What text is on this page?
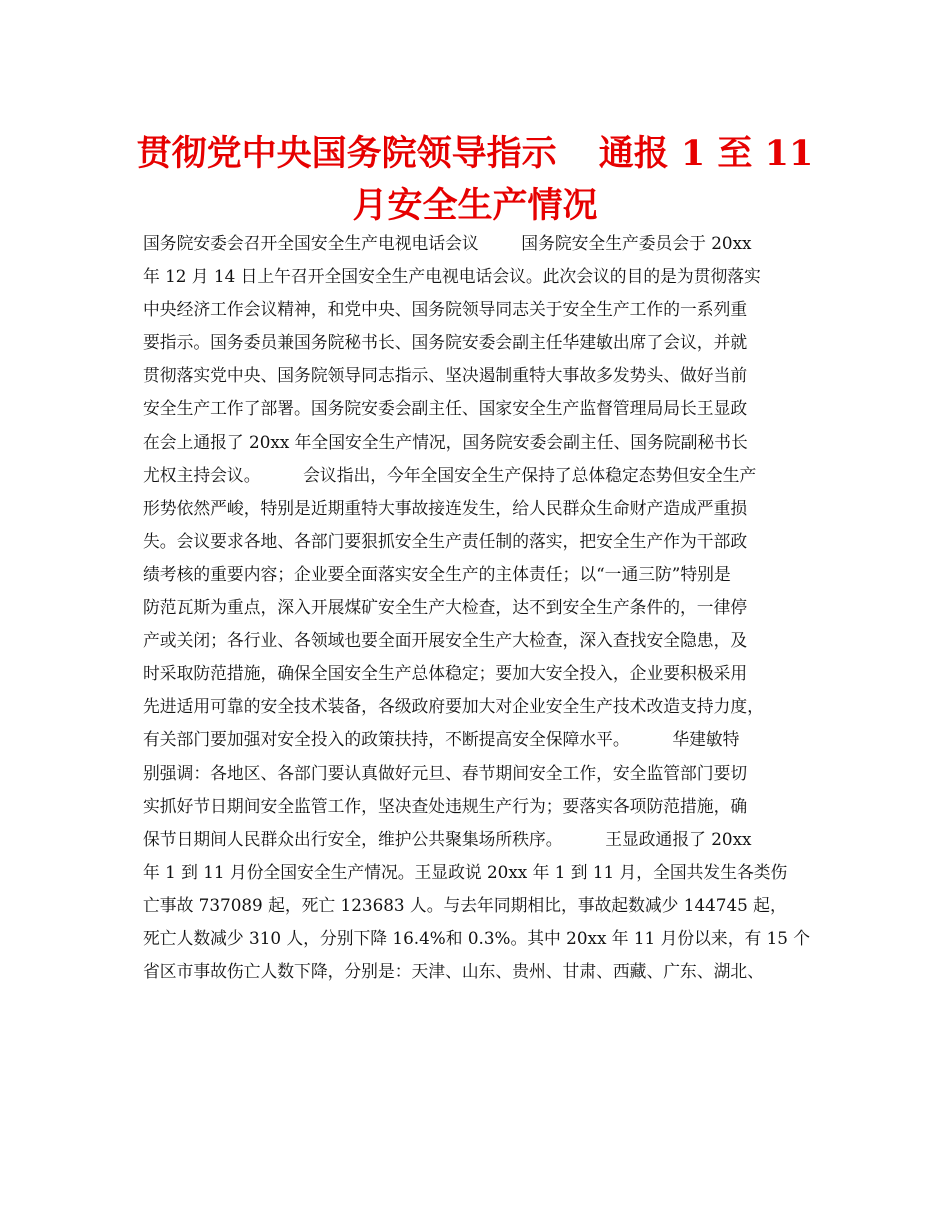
贯彻党中央国务院领导指示 通报 1 至 11
月安全生产情况
国务院安委会召开全国安全生产电视电话会议        国务院安全生产委员会于 20xx
年 12 月 14 日上午召开全国安全生产电视电话会议。此次会议的目的是为贯彻落实
中央经济工作会议精神，和党中央、国务院领导同志关于安全生产工作的一系列重
要指示。国务委员兼国务院秘书长、国务院安委会副主任华建敏出席了会议，并就
贯彻落实党中央、国务院领导同志指示、坚决遏制重特大事故多发势头、做好当前
安全生产工作了部署。国务院安委会副主任、国家安全生产监督管理局局长王显政
在会上通报了 20xx 年全国安全生产情况，国务院安委会副主任、国务院副秘书长
尤权主持会议。        会议指出，今年全国安全生产保持了总体稳定态势但安全生产
形势依然严峻，特别是近期重特大事故接连发生，给人民群众生命财产造成严重损
失。会议要求各地、各部门要狠抓安全生产责任制的落实，把安全生产作为干部政
绩考核的重要内容；企业要全面落实安全生产的主体责任；以“一通三防”特别是
防范瓦斯为重点，深入开展煤矿安全生产大检查，达不到安全生产条件的，一律停
产或关闭；各行业、各领域也要全面开展安全生产大检查，深入查找安全隐患，及
时采取防范措施，确保全国安全生产总体稳定；要加大安全投入，企业要积极采用
先进适用可靠的安全技术装备，各级政府要加大对企业安全生产技术改造支持力度，
有关部门要加强对安全投入的政策扶持，不断提高安全保障水平。        华建敏特
别强调：各地区、各部门要认真做好元旦、春节期间安全工作，安全监管部门要切
实抓好节日期间安全监管工作，坚决查处违规生产行为；要落实各项防范措施，确
保节日期间人民群众出行安全，维护公共聚集场所秩序。        王显政通报了 20xx
年 1 到 11 月份全国安全生产情况。王显政说 20xx 年 1 到 11 月，全国共发生各类伤
亡事故 737089 起，死亡 123683 人。与去年同期相比，事故起数减少 144745 起，
死亡人数减少 310 人，分别下降 16.4%和 0.3%。其中 20xx 年 11 月份以来，有 15 个
省区市事故伤亡人数下降，分别是：天津、山东、贵州、甘肃、西藏、广东、湖北、
